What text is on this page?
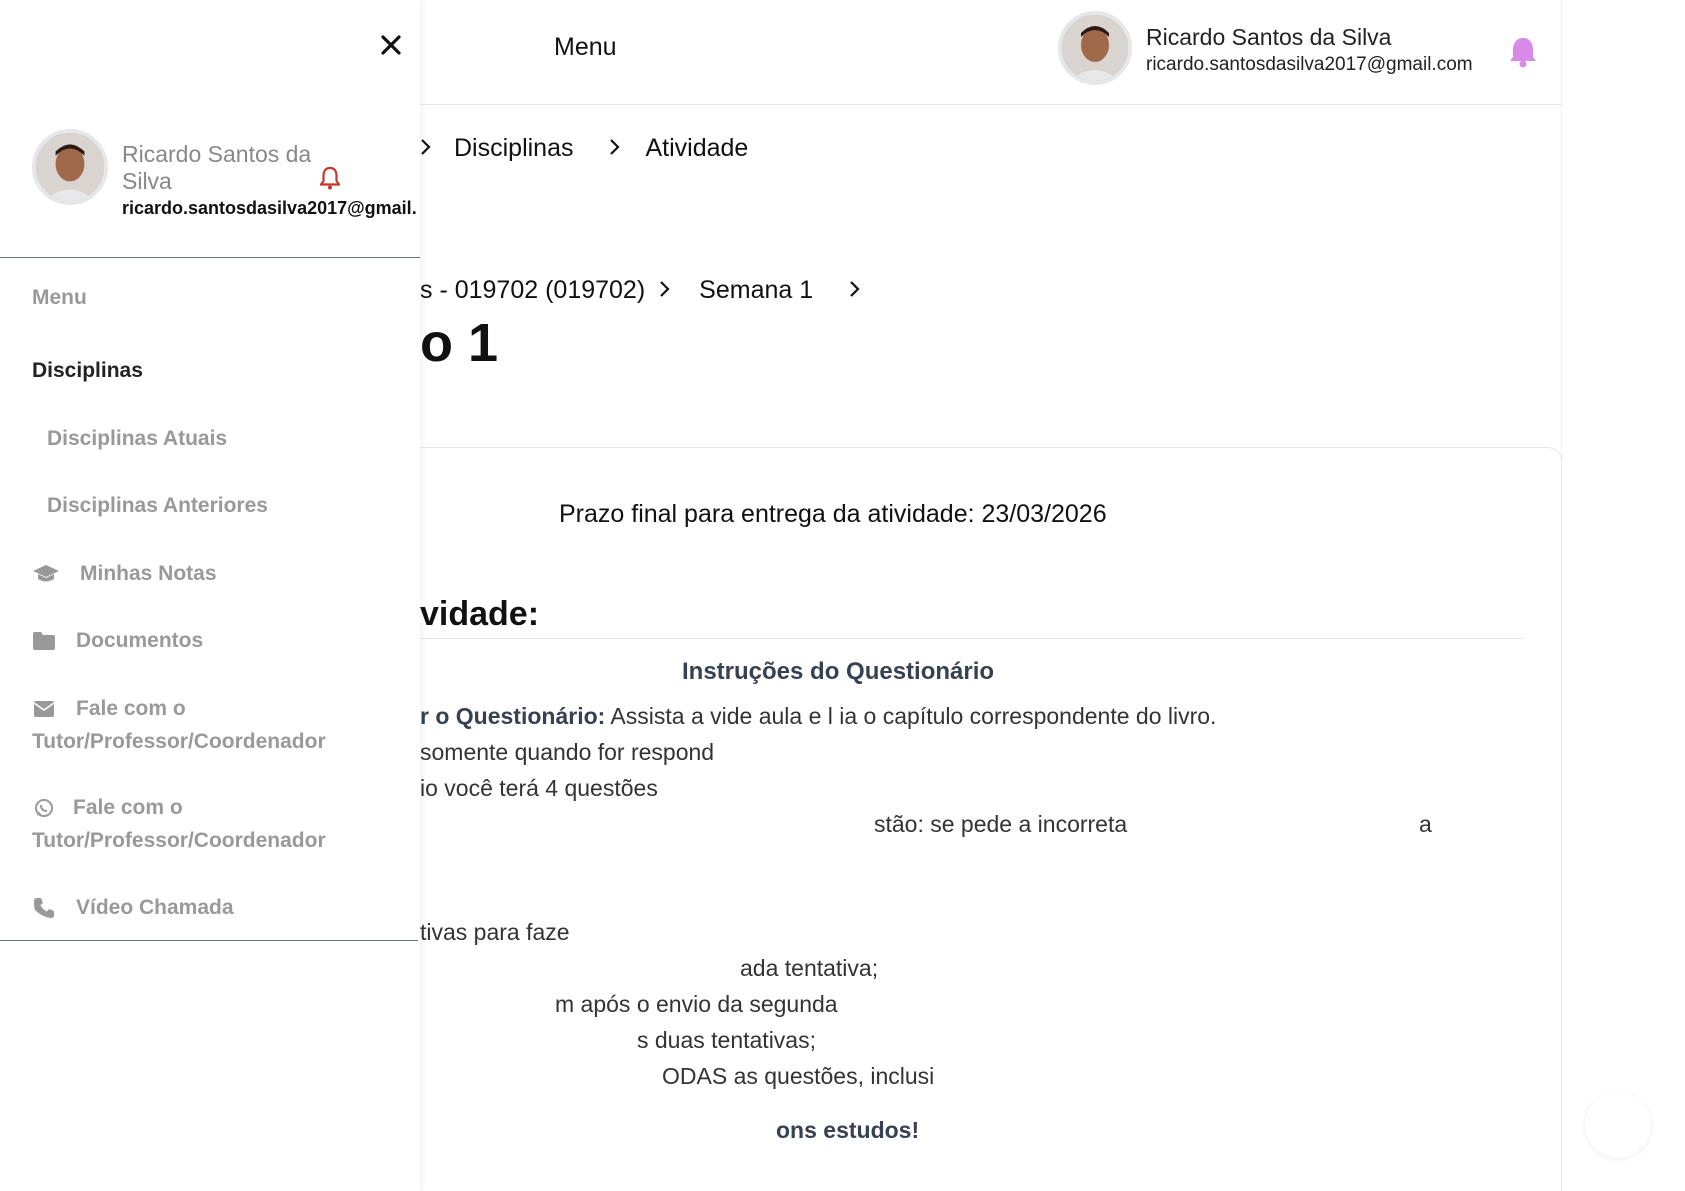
Menu	Ricardo Santos da Silva
ricardo.santosdasilva2017@gmail.com
Disciplinas	Atividade
s - 019702 (019702) Semana 1
o 1
Prazo final para entrega da atividade: 23/03/2026
vidade:
Instruções do Questionário
r o Questionário: Assista a vide aula e l ia o capítulo correspondente do livro.
somente quando for respond
io você terá 4 questões
stão: se pede a incorreta	a
tivas para faze
ada tentativa;
m após o envio da segunda
s duas tentativas;
ODAS as questões, inclusi
ons estudos!
Ricardo Santos da Silva
ricardo.santosdasilva2017@gmail.
Menu
Disciplinas
Disciplinas Atuais
Disciplinas Anteriores
Minhas Notas
Documentos
Fale com o
Tutor/Professor/Coordenador
Fale com o
Tutor/Professor/Coordenador
Vídeo Chamada
